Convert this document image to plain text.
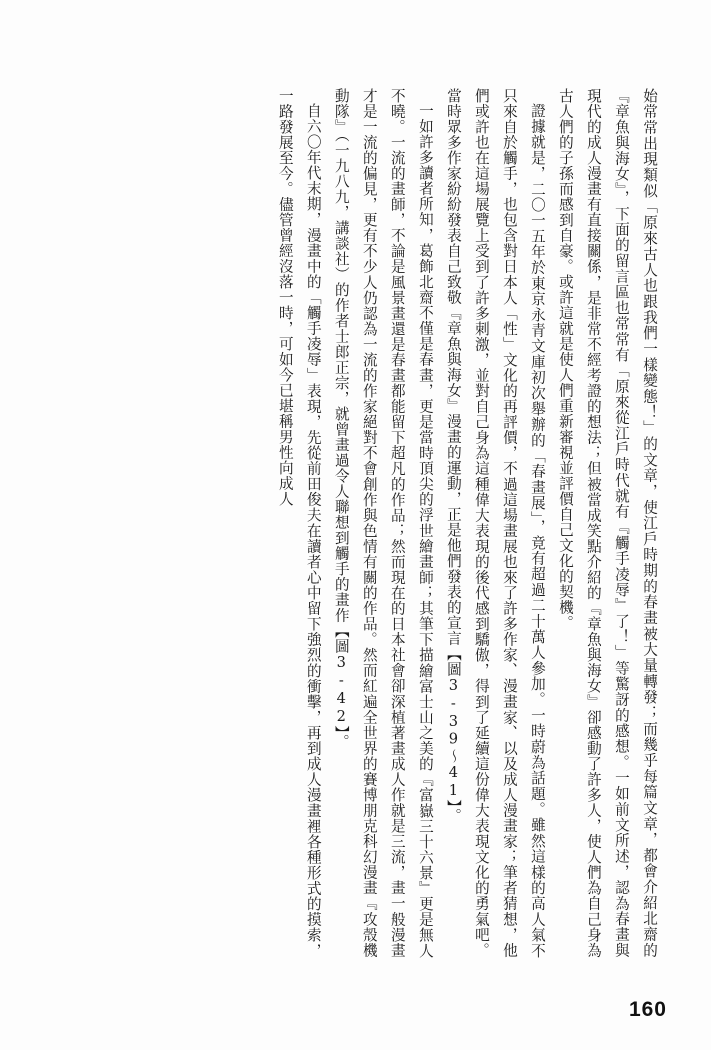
始常常出現類似「原來古人也跟我們一樣變態！」的文章，使江戶時期的春畫被大量轉發；而幾乎每篇文章，都會介紹北齋的『章魚與海女』，下面的留言區也常常有「原來從江戶時代就有『觸手凌辱』了！」等驚訝的感想。一如前文所述，認為春畫與現代的成人漫畫有直接關係，是非常不經考證的想法；但被當成笑點介紹的『章魚與海女』卻感動了許多人，使人們為自己身為古人們的子孫而感到自豪。或許這就是使人們重新審視並評價自己文化的契機。

證據就是，二〇一五年於東京永青文庫初次舉辦的「春畫展」，竟有超過二十萬人參加。一時蔚為話題。雖然這樣的高人氣不只來自於觸手，也包含對日本人「性」文化的再評價，不過這場畫展也來了許多作家、漫畫家、以及成人漫畫家；筆者猜想，他們或許也在這場展覽上受到了許多刺激，並對自己身為這種偉大表現的後代感到驕傲，得到了延續這份偉大表現文化的勇氣吧。當時眾多作家紛紛發表自己致敬『章魚與海女』漫畫的運動，正是他們發表的宣言【圖3-39〜41】。

一如許多讀者所知，葛飾北齋不僅是春畫，更是當時頂尖的浮世繪畫師；其筆下描繪富士山之美的『富嶽三十六景』更是無人不曉。一流的畫師，不論是風景畫還是春畫都能留下超凡的作品；然而現在的日本社會卻深植著畫成人作就是三流，畫一般漫畫才是一流的偏見，更有不少人仍認為一流的作家絕對不會創作與色情有關的作品。然而紅遍全世界的賽博朋克科幻漫畫『攻殼機動隊』（一九八九，講談社）的作者士郎正宗，就曾畫過令人聯想到觸手的畫作【圖3-42】。

自六〇年代末期，漫畫中的「觸手凌辱」表現，先從前田俊夫在讀者心中留下強烈的衝擊，再到成人漫畫裡各種形式的摸索，一路發展至今。儘管曾經沒落一時，可如今已堪稱男性向成人

160
